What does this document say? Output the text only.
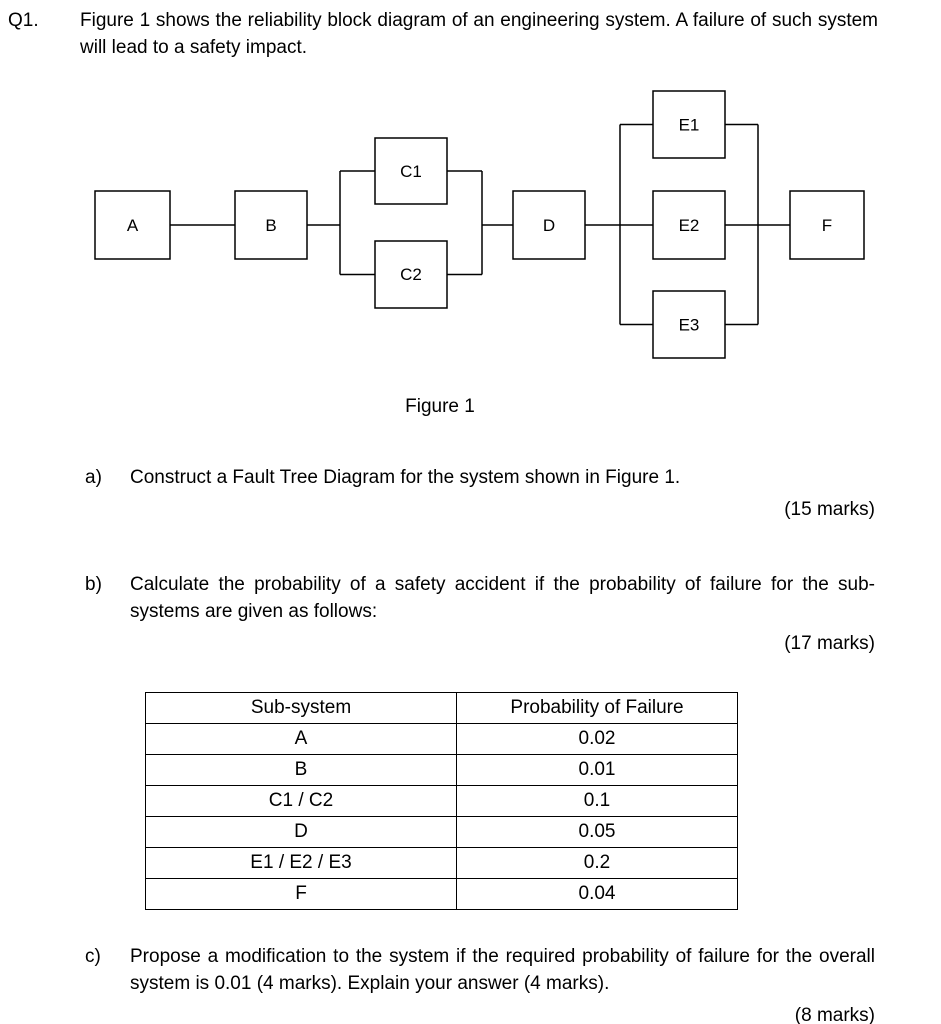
Q1.	Figure 1 shows the reliability block diagram of an engineering system. A failure of such system will lead to a safety impact.
A	B
C1
C2
D
E1
E2
E3
F
Figure 1
a)	Construct a Fault Tree Diagram for the system shown in Figure 1.
(15 marks)
b)	Calculate the probability of a safety accident if the probability of failure for the sub-systems are given as follows:
(17 marks)
Sub-system	Probability of Failure
A	0.02
B	0.01
C1 / C2	0.1
D	0.05
E1 / E2 / E3	0.2
F	0.04
c)	Propose a modification to the system if the required probability of failure for the overall system is 0.01 (4 marks). Explain your answer (4 marks).
(8 marks)
